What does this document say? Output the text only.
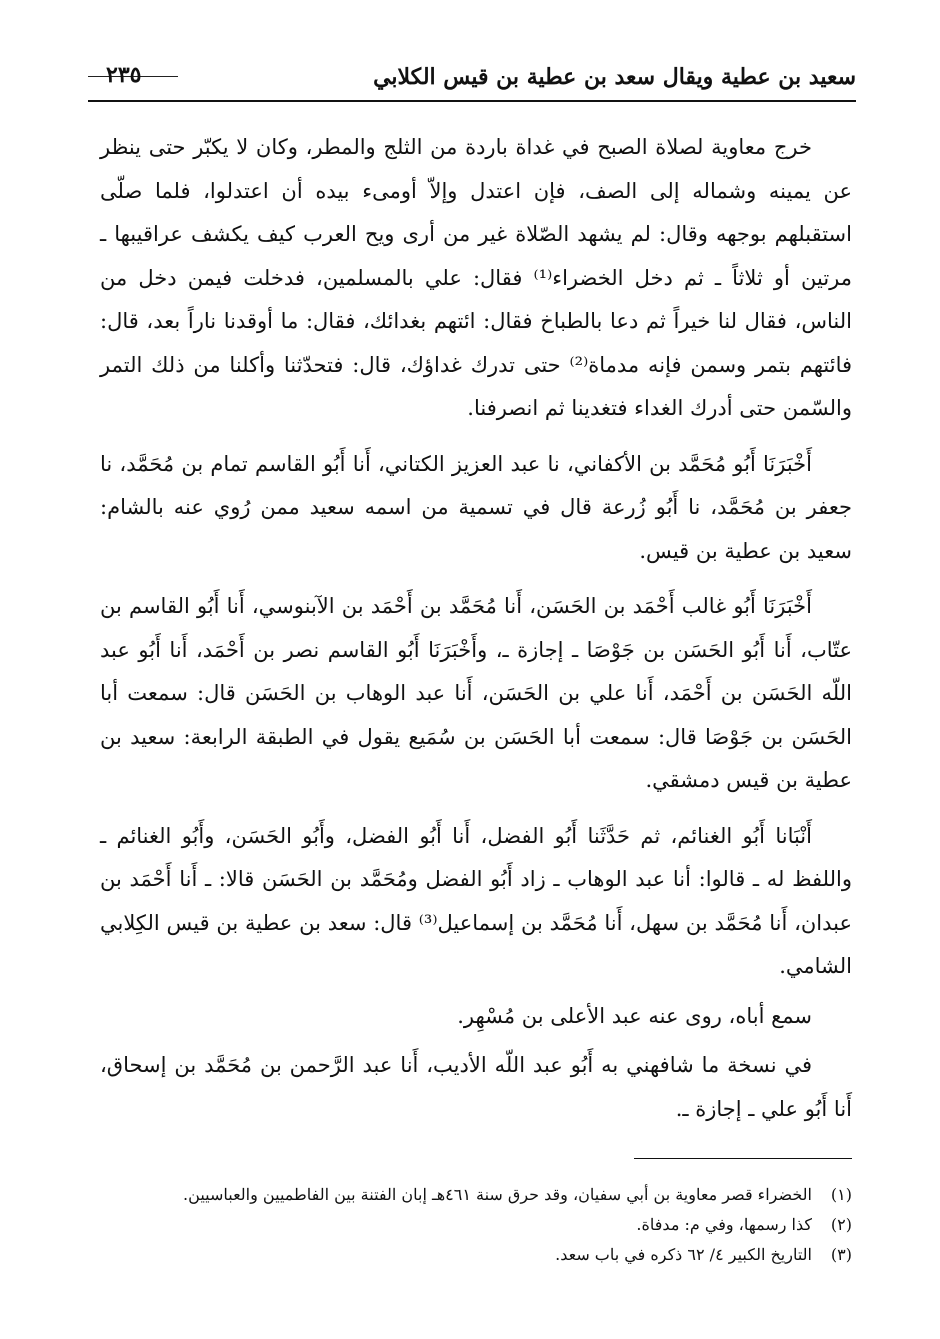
سعيد بن عطية ويقال سعد بن عطية بن قيس الكلابي
٢٣٥

خرج معاوية لصلاة الصبح في غداة باردة من الثلج والمطر، وكان لا يكبّر حتى ينظر عن يمينه وشماله إلى الصف، فإن اعتدل وإلاّ أومىء بيده أن اعتدلوا، فلما صلّى استقبلهم بوجهه وقال: لم يشهد الصّلاة غير من أرى ويح العرب كيف يكشف عراقيبها ـ مرتين أو ثلاثاً ـ ثم دخل الخضراء⁽¹⁾ فقال: علي بالمسلمين، فدخلت فيمن دخل من الناس، فقال لنا خيراً ثم دعا بالطباخ فقال: ائتهم بغدائك، فقال: ما أوقدنا ناراً بعد، قال: فائتهم بتمر وسمن فإنه مدماة⁽²⁾ حتى تدرك غداؤك، قال: فتحدّثنا وأكلنا من ذلك التمر والسّمن حتى أدرك الغداء فتغدينا ثم انصرفنا.

أَخْبَرَنَا أَبُو مُحَمَّد بن الأكفاني، نا عبد العزيز الكتاني، أَنا أَبُو القاسم تمام بن مُحَمَّد، نا جعفر بن مُحَمَّد، نا أَبُو زُرعة قال في تسمية من اسمه سعيد ممن رُوي عنه بالشام: سعيد بن عطية بن قيس.

أَخْبَرَنَا أَبُو غالب أَحْمَد بن الحَسَن، أَنا مُحَمَّد بن أَحْمَد بن الآبنوسي، أَنا أَبُو القاسم بن عتّاب، أَنا أَبُو الحَسَن بن جَوْصَا ـ إجازة ـ، وأَخْبَرَنَا أَبُو القاسم نصر بن أَحْمَد، أَنا أَبُو عبد اللّه الحَسَن بن أَحْمَد، أَنا علي بن الحَسَن، أَنا عبد الوهاب بن الحَسَن قال: سمعت أبا الحَسَن بن جَوْصَا قال: سمعت أبا الحَسَن بن سُمَيع يقول في الطبقة الرابعة: سعيد بن عطية بن قيس دمشقي.

أَنْبَانا أَبُو الغنائم، ثم حَدَّثَنا أَبُو الفضل، أَنا أَبُو الفضل، وأَبُو الحَسَن، وأَبُو الغنائم ـ واللفظ له ـ قالوا: أنا عبد الوهاب ـ زاد أَبُو الفضل ومُحَمَّد بن الحَسَن قالا: ـ أَنا أَحْمَد بن عبدان، أَنا مُحَمَّد بن سهل، أَنا مُحَمَّد بن إسماعيل⁽³⁾ قال: سعد بن عطية بن قيس الكِلابي الشامي.

سمع أباه، روى عنه عبد الأعلى بن مُسْهِر.

في نسخة ما شافهني به أَبُو عبد اللّه الأديب، أَنا عبد الرَّحمن بن مُحَمَّد بن إسحاق، أَنا أَبُو علي ـ إجازة ـ.

(١)الخضراء قصر معاوية بن أبي سفيان، وقد حرق سنة ٤٦١هـ إبان الفتنة بين الفاطميين والعباسيين.
(٢)كذا رسمها، وفي م: مدفاة.
(٣)التاريخ الكبير ٤/ ٦٢ ذكره في باب سعد.
